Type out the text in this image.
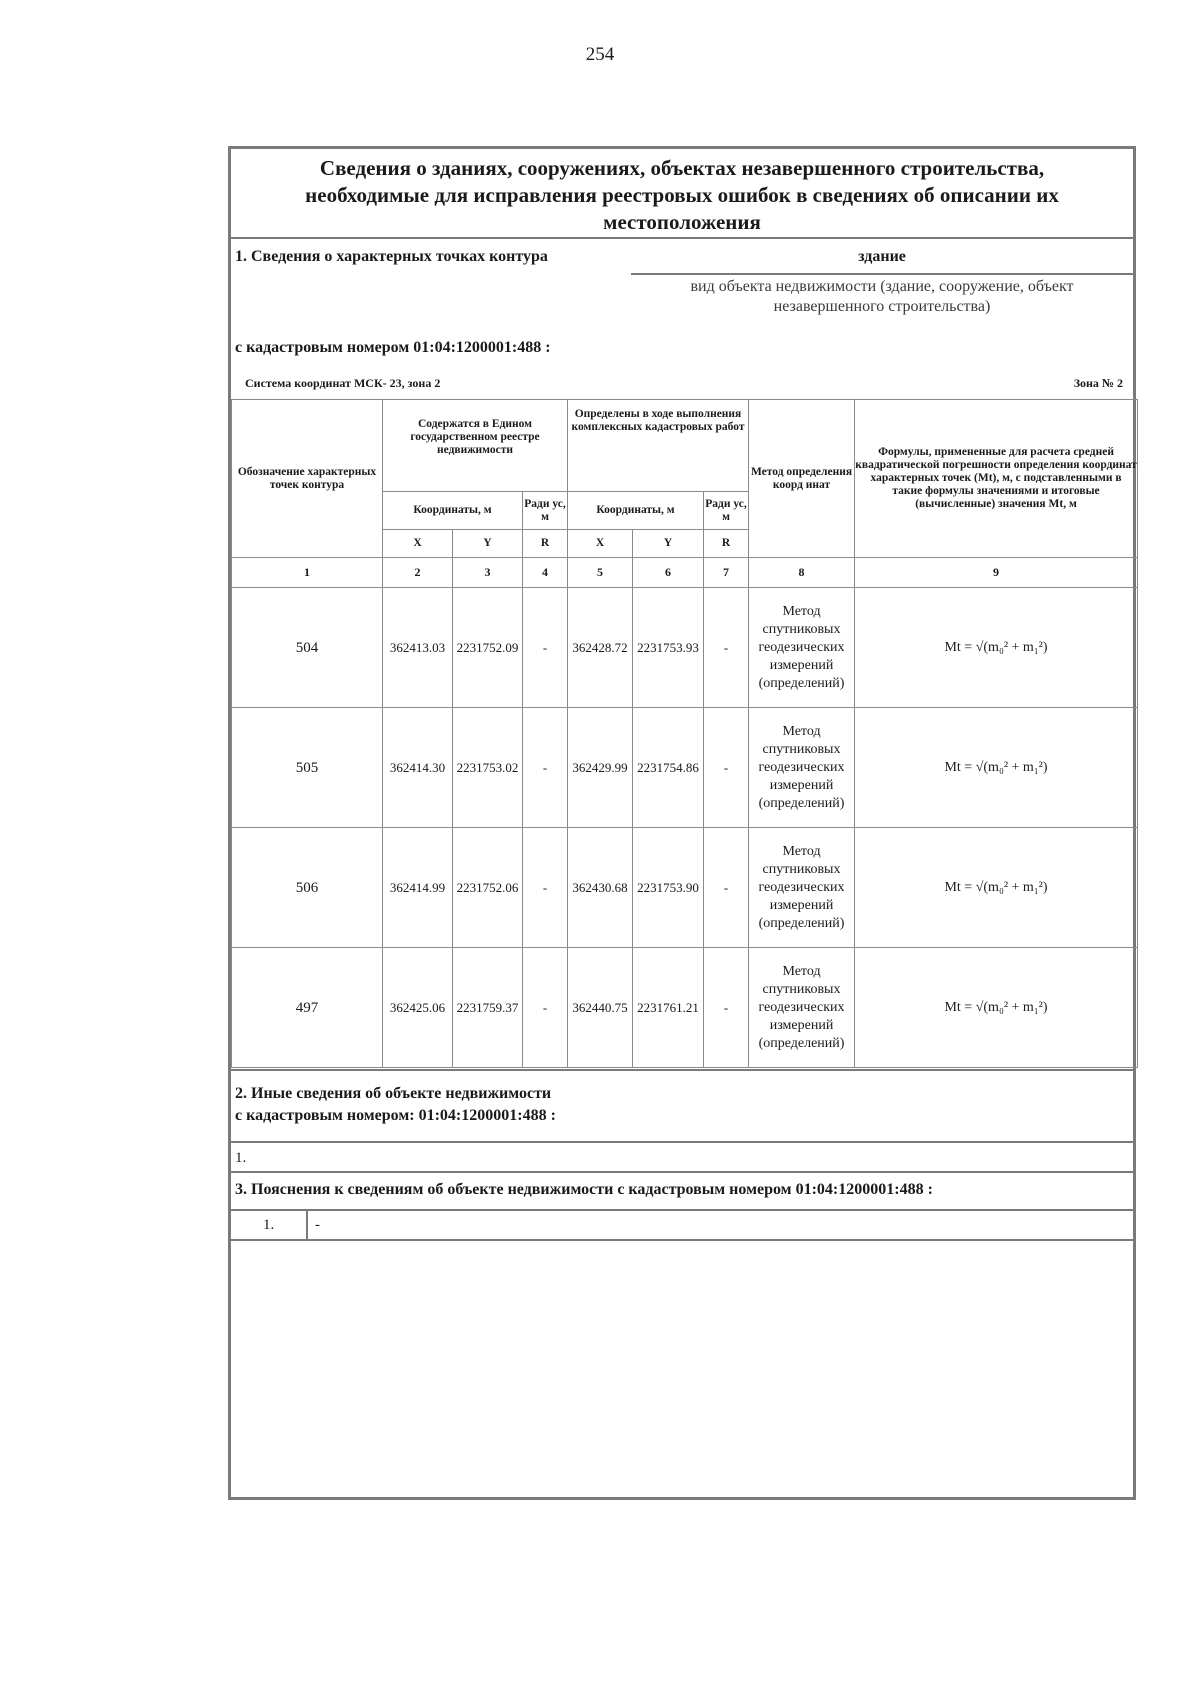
254
Сведения о зданиях, сооружениях, объектах незавершенного строительства,
необходимые для исправления реестровых ошибок в сведениях об описании их
местоположения
1. Сведения о характерных точках контура	здание
вид объекта недвижимости (здание, сооружение, объект
незавершенного строительства)
с кадастровым номером 01:04:1200001:488 :
Система координат МСК- 23, зона 2	Зона № 2
Обозначение характерных точек контура	Содержатся в Едином государственном реестре недвижимости			Определены в ходе выполнения комплексных кадастровых работ			Метод определения коорд инат	Формулы, примененные для расчета средней квадратической погрешности определения координат характерных точек (Mt), м, с подставленными в такие формулы значениями и итоговые (вычисленные) значения Mt, м
	Координаты, м		Ради ус, м	Координаты, м		Ради ус, м		
	X	Y	R	X	Y	R		
1	2	3	4	5	6	7	8	9
504	362413.03	2231752.09	-	362428.72	2231753.93	-	Метод спутниковых геодезических измерений (определений)	Mt = √(m₀² + m₁²)
505	362414.30	2231753.02	-	362429.99	2231754.86	-	Метод спутниковых геодезических измерений (определений)	Mt = √(m₀² + m₁²)
506	362414.99	2231752.06	-	362430.68	2231753.90	-	Метод спутниковых геодезических измерений (определений)	Mt = √(m₀² + m₁²)
497	362425.06	2231759.37	-	362440.75	2231761.21	-	Метод спутниковых геодезических измерений (определений)	Mt = √(m₀² + m₁²)
2. Иные сведения об объекте недвижимости
с кадастровым номером: 01:04:1200001:488 :
1.
3. Пояснения к сведениям об объекте недвижимости с кадастровым номером 01:04:1200001:488 :
1.	-
